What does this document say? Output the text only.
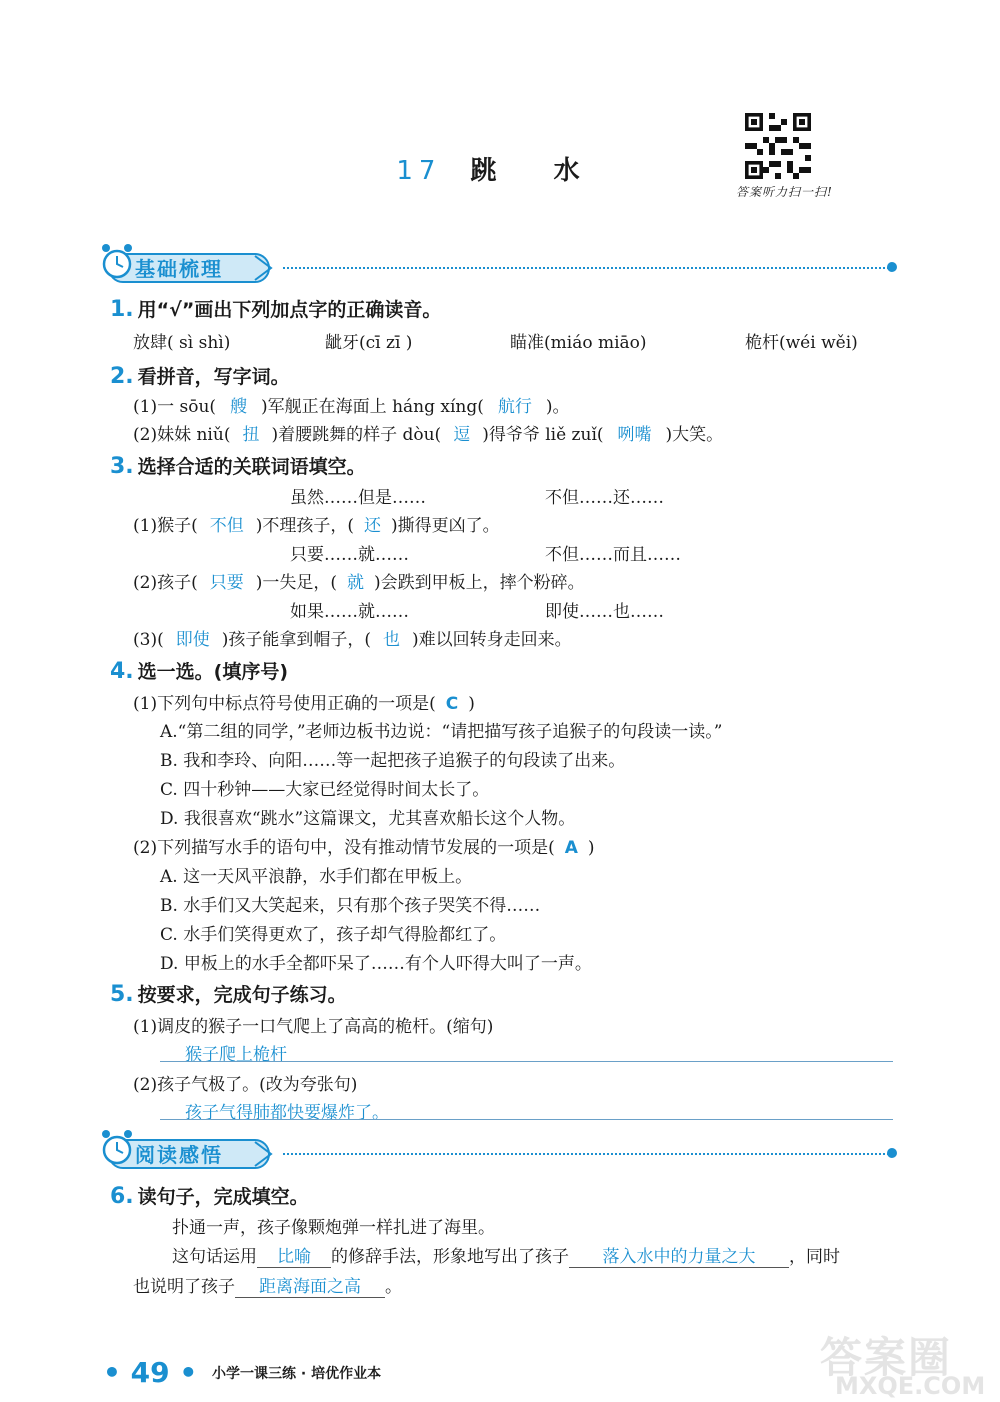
17 跳 水
答案听力扫一扫!
基础梳理
1. 用“√”画出下列加点字的正确读音。
放肆( sì shì)	龇牙(cī zī )	瞄准(miáo miāo)	桅杆(wéi wěi)
2. 看拼音，写字词。
(1)一 sōu( 艘 )军舰正在海面上 háng xíng( 航行 )。
(2)妹妹 niǔ( 扭 )着腰跳舞的样子 dòu( 逗 )得爷爷 liě zuǐ( 咧嘴 )大笑。
3. 选择合适的关联词语填空。
虽然……但是……	不但……还……
(1)猴子( 不但 )不理孩子，( 还 )撕得更凶了。
只要……就……	不但……而且……
(2)孩子( 只要 )一失足，( 就 )会跌到甲板上，摔个粉碎。
如果……就……	即使……也……
(3)( 即使 )孩子能拿到帽子，( 也 )难以回转身走回来。
4. 选一选。(填序号)
(1)下列句中标点符号使用正确的一项是( C )
A.“第二组的同学，”老师边板书边说：“请把描写孩子追猴子的句段读一读。”
B. 我和李玲、向阳……等一起把孩子追猴子的句段读了出来。
C. 四十秒钟——大家已经觉得时间太长了。
D. 我很喜欢“跳水”这篇课文，尤其喜欢船长这个人物。
(2)下列描写水手的语句中，没有推动情节发展的一项是( A )
A. 这一天风平浪静，水手们都在甲板上。
B. 水手们又大笑起来，只有那个孩子哭笑不得……
C. 水手们笑得更欢了，孩子却气得脸都红了。
D. 甲板上的水手全都吓呆了……有个人吓得大叫了一声。
5. 按要求，完成句子练习。
(1)调皮的猴子一口气爬上了高高的桅杆。(缩句)
猴子爬上桅杆
(2)孩子气极了。(改为夸张句)
孩子气得肺都快要爆炸了。
阅读感悟
6. 读句子，完成填空。
扑通一声，孩子像颗炮弹一样扎进了海里。
这句话运用 比喻 的修辞手法，形象地写出了孩子 落入水中的力量之大 ，同时
也说明了孩子 距离海面之高 。
• 49 • 小学一课三练 · 培优作业本	答案圈
MXQE.COM
